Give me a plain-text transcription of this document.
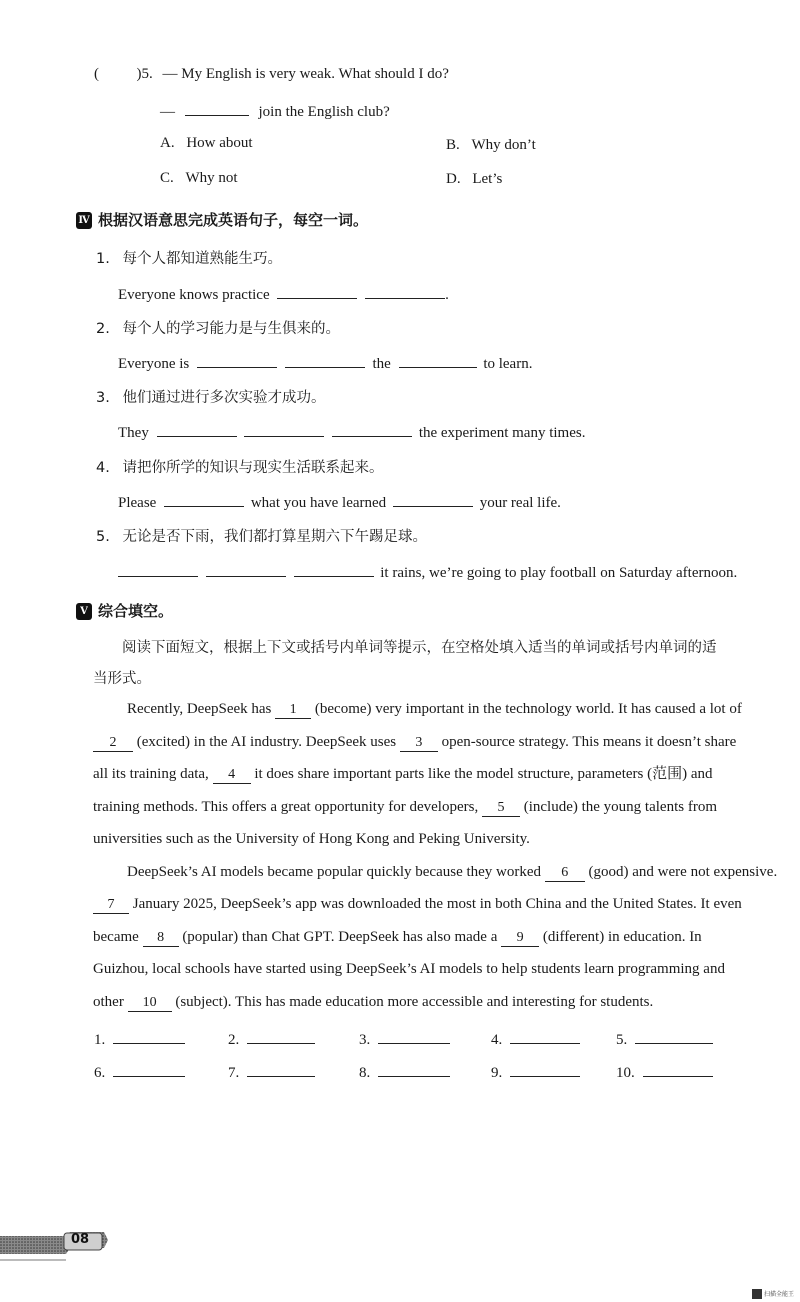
(	)5. — My English is very weak. What should I do?
—	join the English club?
A. How about	B. Why don’t
C. Why not	D. Let’s
Ⅳ 根据汉语意思完成英语句子，每空一词。
1. 每个人都知道熟能生巧。
Everyone knows practice	.
2. 每个人的学习能力是与生俱来的。
Everyone is	the	to learn.
3. 他们通过进行多次实验才成功。
They	the experiment many times.
4. 请把你所学的知识与现实生活联系起来。
Please	what you have learned	your real life.
5. 无论是否下雨，我们都打算星期六下午踢足球。
it rains, we’re going to play football on Saturday afternoon.
Ⅴ 综合填空。
阅读下面短文，根据上下文或括号内单词等提示，在空格处填入适当的单词或括号内单词的适
当形式。
Recently, DeepSeek has 1 (become) very important in the technology world. It has caused a lot of
2 (excited) in the AI industry. DeepSeek uses 3 open-source strategy. This means it doesn’t share
all its training data, 4 it does share important parts like the model structure, parameters (范围) and
training methods. This offers a great opportunity for developers, 5 (include) the young talents from
universities such as the University of Hong Kong and Peking University.
DeepSeek’s AI models became popular quickly because they worked 6 (good) and were not expensive.
7 January 2025, DeepSeek’s app was downloaded the most in both China and the United States. It even
became 8 (popular) than Chat GPT. DeepSeek has also made a 9 (different) in education. In
Guizhou, local schools have started using DeepSeek’s AI models to help students learn programming and
other 10 (subject). This has made education more accessible and interesting for students.
1.	2.	3.	4.	5.
6.	7.	8.	9.	10.
08
扫描全能王
